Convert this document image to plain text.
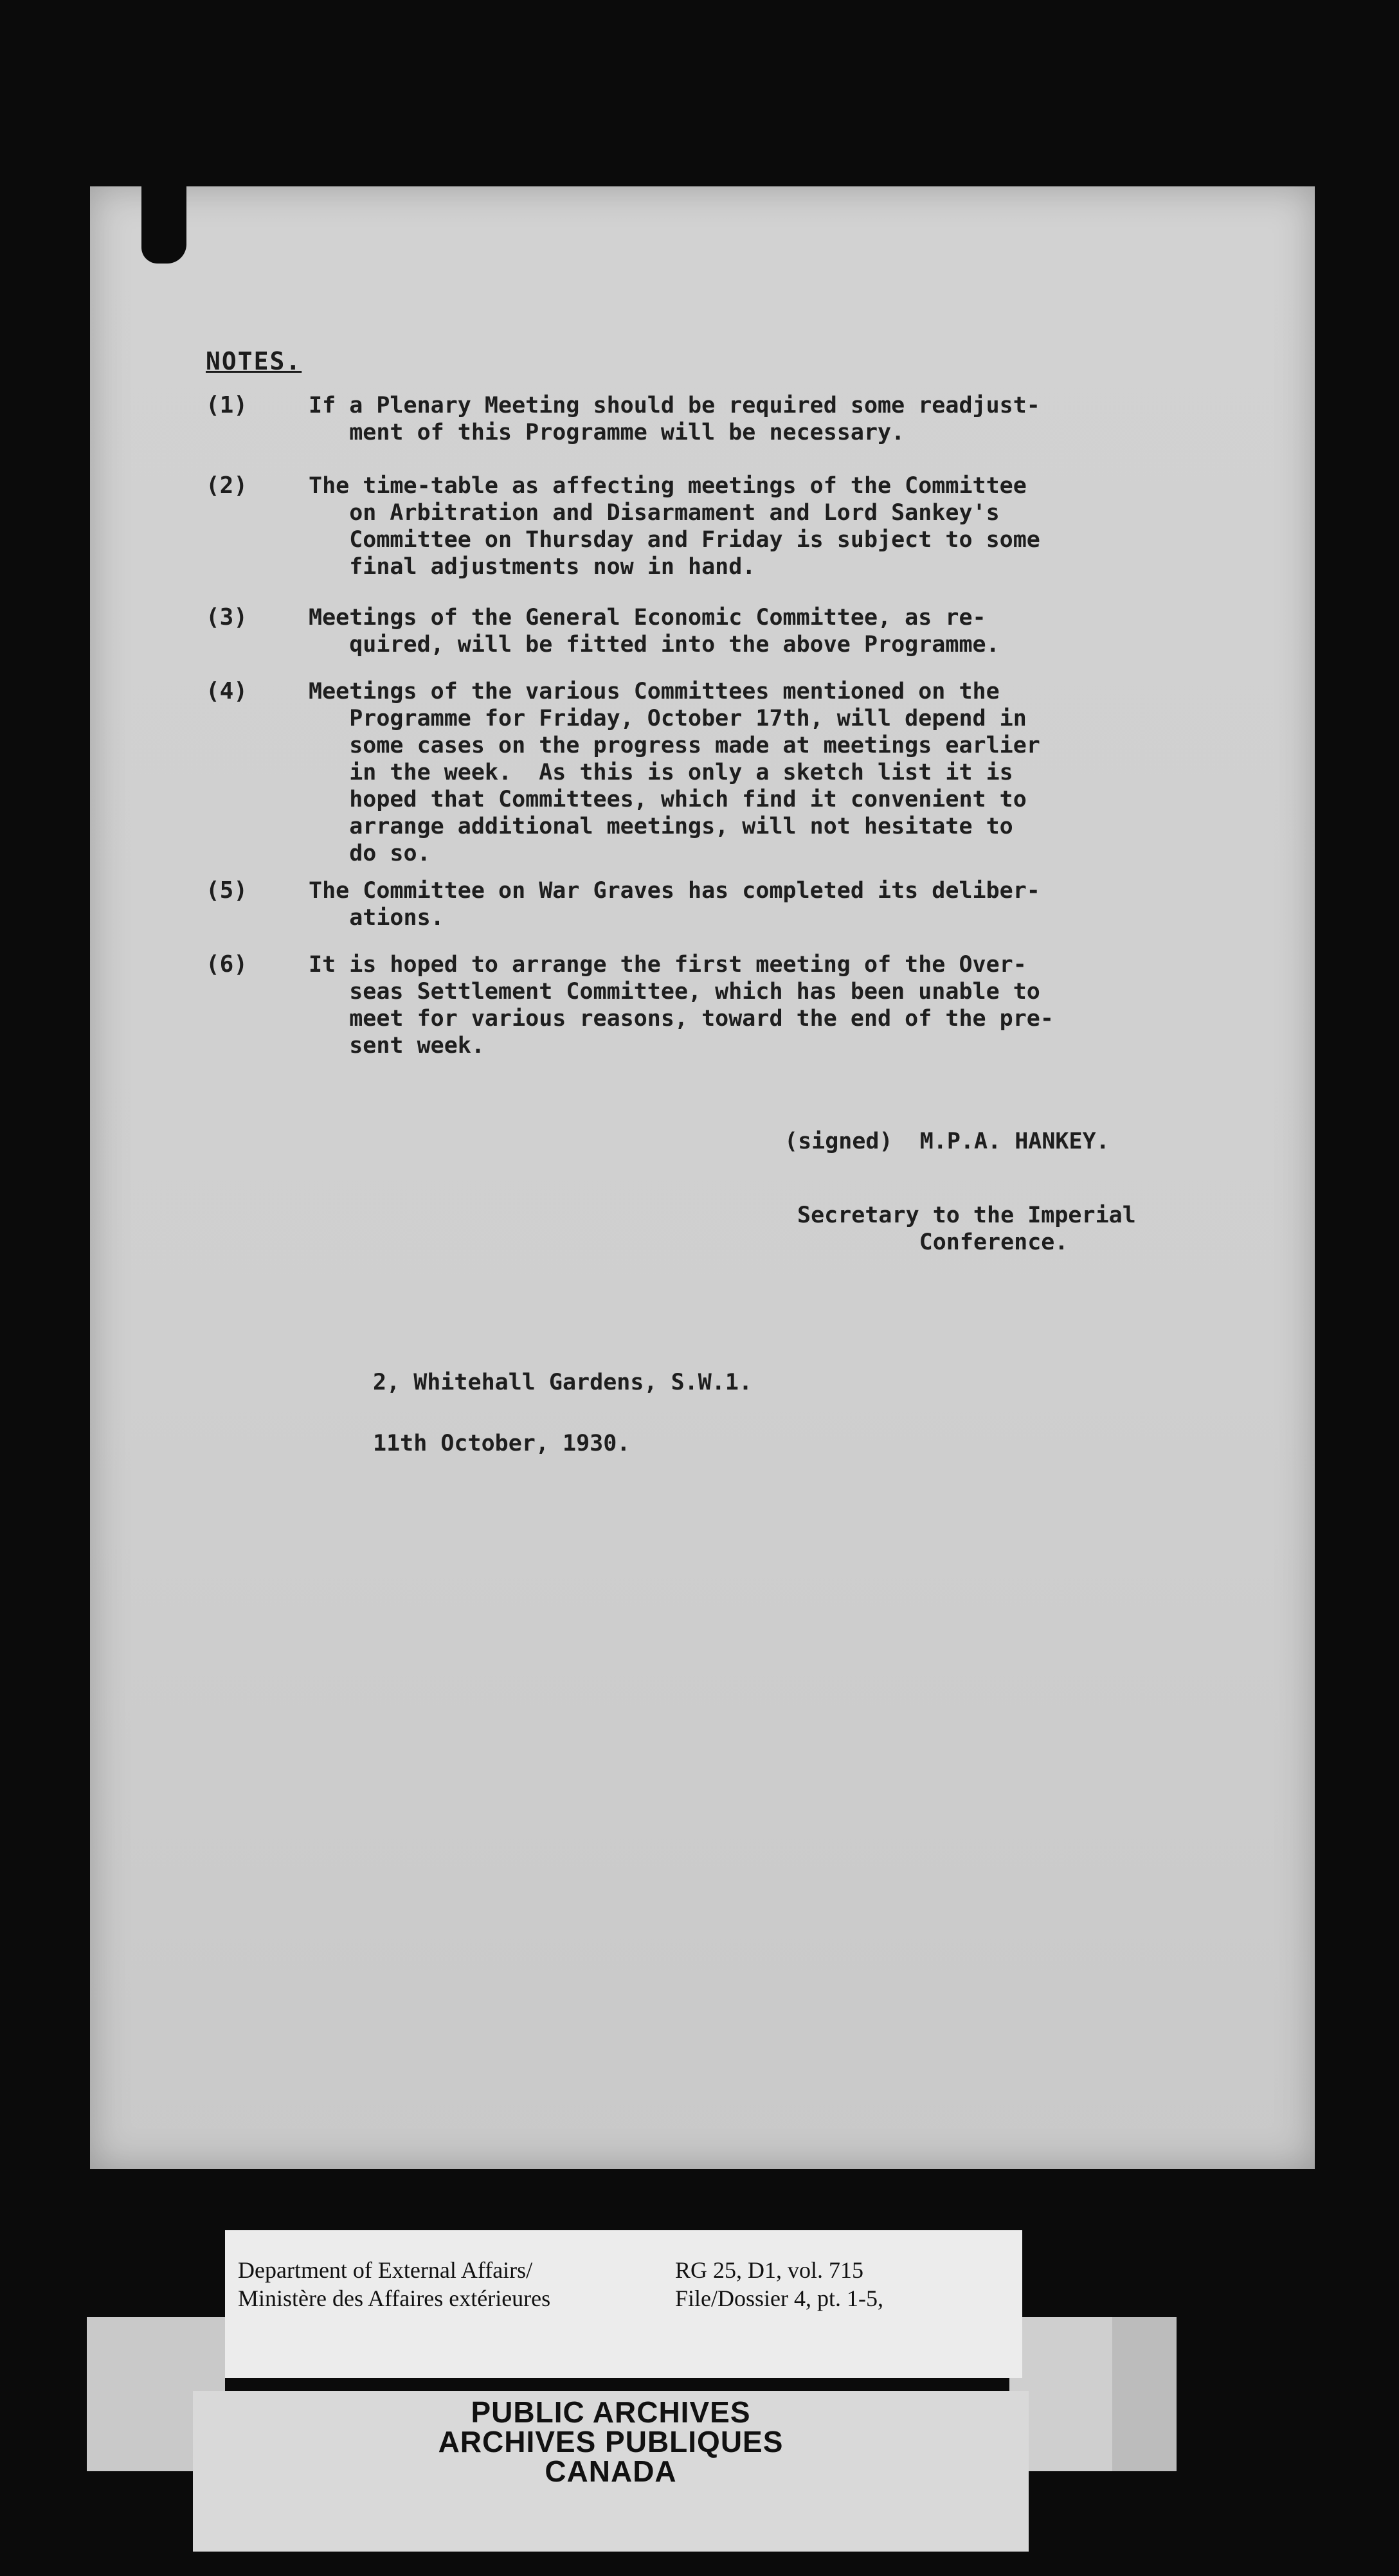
NOTES.
(1)	If a Plenary Meeting should be required some readjust-
ment of this Programme will be necessary.
(2)	The time-table as affecting meetings of the Committee
on Arbitration and Disarmament and Lord Sankey's
Committee on Thursday and Friday is subject to some
final adjustments now in hand.
(3)	Meetings of the General Economic Committee, as re-
quired, will be fitted into the above Programme.
(4)	Meetings of the various Committees mentioned on the
Programme for Friday, October 17th, will depend in
some cases on the progress made at meetings earlier
in the week.  As this is only a sketch list it is
hoped that Committees, which find it convenient to
arrange additional meetings, will not hesitate to
do so.
(5)	The Committee on War Graves has completed its deliber-
ations.
(6)	It is hoped to arrange the first meeting of the Over-
seas Settlement Committee, which has been unable to
meet for various reasons, toward the end of the pre-
sent week.
(signed)  M.P.A. HANKEY.
Secretary to the Imperial
Conference.
2, Whitehall Gardens, S.W.1.
11th October, 1930.
Department of External Affairs/
Ministère des Affaires extérieures
RG 25, D1, vol. 715
File/Dossier 4, pt. 1-5,
PUBLIC ARCHIVES
ARCHIVES PUBLIQUES
CANADA
